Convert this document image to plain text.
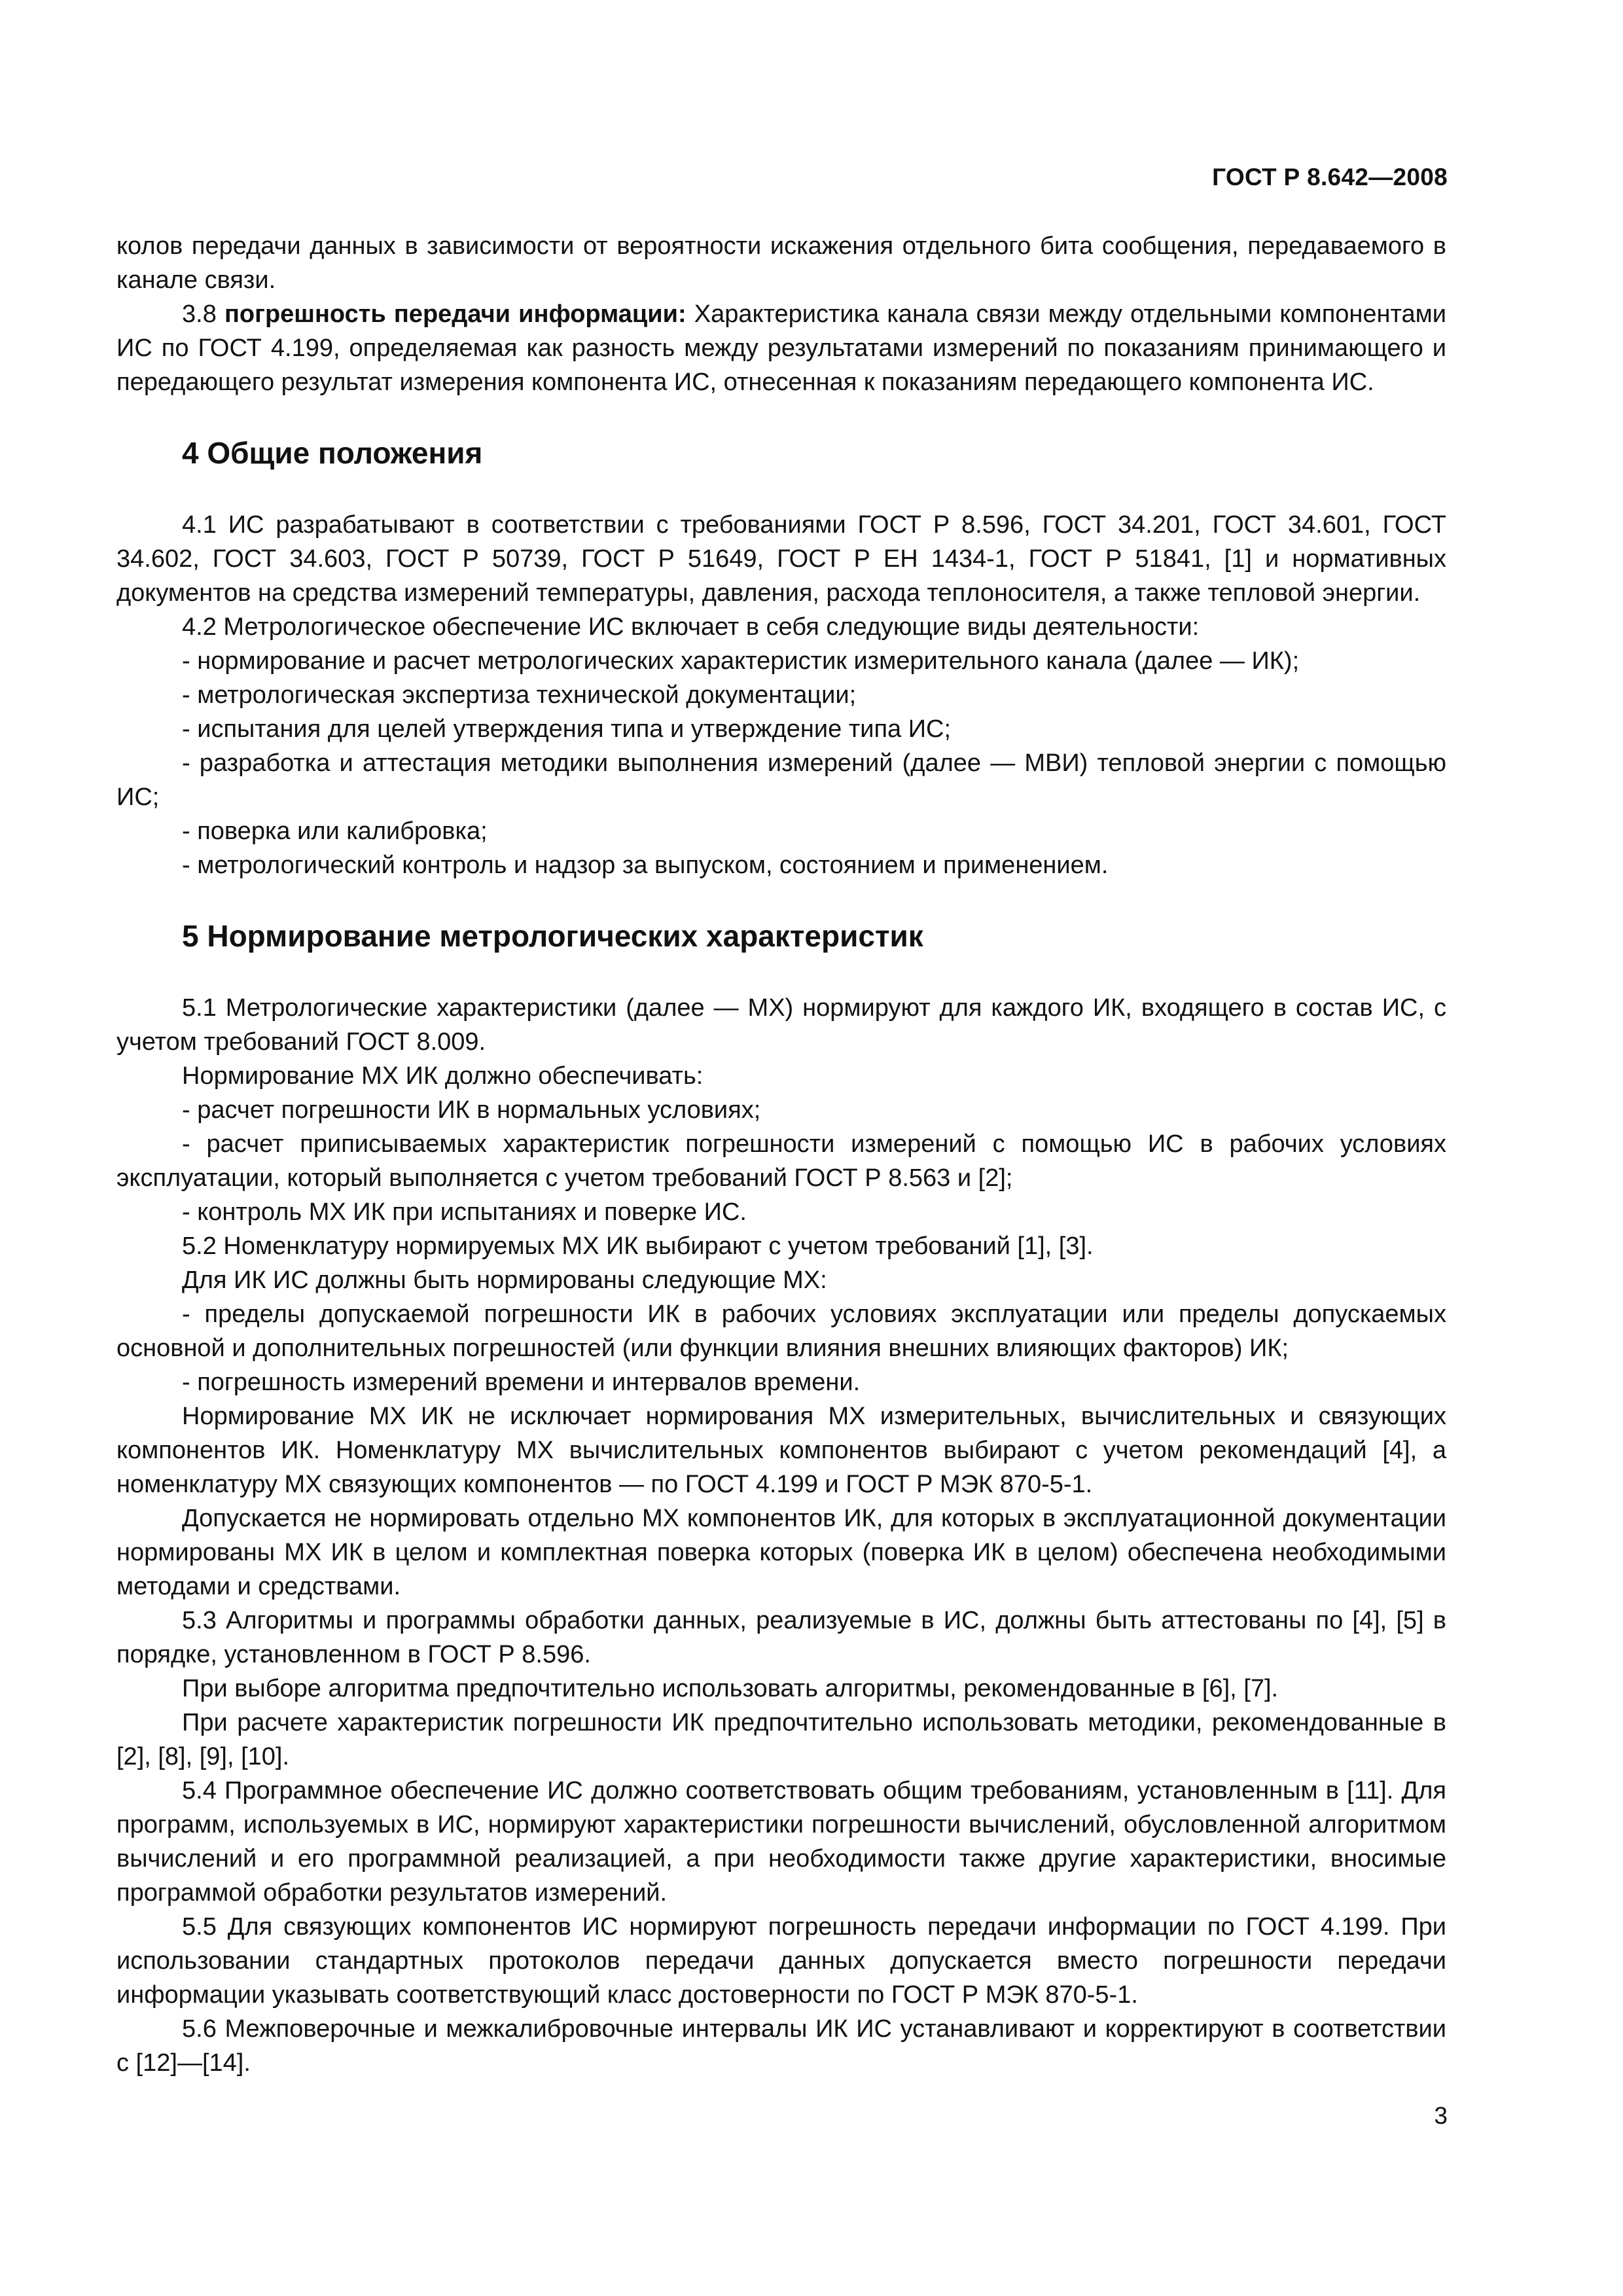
ГОСТ Р 8.642—2008

колов передачи данных в зависимости от вероятности искажения отдельного бита сообщения, передаваемого в канале связи.

3.8 погрешность передачи информации: Характеристика канала связи между отдельными компонентами ИС по ГОСТ 4.199, определяемая как разность между результатами измерений по показаниям принимающего и передающего результат измерения компонента ИС, отнесенная к показаниям передающего компонента ИС.

4 Общие положения

4.1 ИС разрабатывают в соответствии с требованиями ГОСТ Р 8.596, ГОСТ 34.201, ГОСТ 34.601, ГОСТ 34.602, ГОСТ 34.603, ГОСТ Р 50739, ГОСТ Р 51649, ГОСТ Р ЕН 1434-1, ГОСТ Р 51841, [1] и нормативных документов на средства измерений температуры, давления, расхода теплоносителя, а также тепловой энергии.

4.2 Метрологическое обеспечение ИС включает в себя следующие виды деятельности:

- нормирование и расчет метрологических характеристик измерительного канала (далее — ИК);

- метрологическая экспертиза технической документации;

- испытания для целей утверждения типа и утверждение типа ИС;

- разработка и аттестация методики выполнения измерений (далее — МВИ) тепловой энергии с помощью ИС;

- поверка или калибровка;

- метрологический контроль и надзор за выпуском, состоянием и применением.

5 Нормирование метрологических характеристик

5.1 Метрологические характеристики (далее — МХ) нормируют для каждого ИК, входящего в состав ИС, с учетом требований ГОСТ 8.009.

Нормирование МХ ИК должно обеспечивать:

- расчет погрешности ИК в нормальных условиях;

- расчет приписываемых характеристик погрешности измерений с помощью ИС в рабочих условиях эксплуатации, который выполняется с учетом требований ГОСТ Р 8.563 и [2];

- контроль МХ ИК при испытаниях и поверке ИС.

5.2 Номенклатуру нормируемых МХ ИК выбирают с учетом требований [1], [3].

Для ИК ИС должны быть нормированы следующие МХ:

- пределы допускаемой погрешности ИК в рабочих условиях эксплуатации или пределы допускаемых основной и дополнительных погрешностей (или функции влияния внешних влияющих факторов) ИК;

- погрешность измерений времени и интервалов времени.

Нормирование МХ ИК не исключает нормирования МХ измерительных, вычислительных и связующих компонентов ИК. Номенклатуру МХ вычислительных компонентов выбирают с учетом рекомендаций [4], а номенклатуру МХ связующих компонентов — по ГОСТ 4.199 и ГОСТ Р МЭК 870-5-1.

Допускается не нормировать отдельно МХ компонентов ИК, для которых в эксплуатационной документации нормированы МХ ИК в целом и комплектная поверка которых (поверка ИК в целом) обеспечена необходимыми методами и средствами.

5.3 Алгоритмы и программы обработки данных, реализуемые в ИС, должны быть аттестованы по [4], [5] в порядке, установленном в ГОСТ Р 8.596.

При выборе алгоритма предпочтительно использовать алгоритмы, рекомендованные в [6], [7].

При расчете характеристик погрешности ИК предпочтительно использовать методики, рекомендованные в [2], [8], [9], [10].

5.4 Программное обеспечение ИС должно соответствовать общим требованиям, установленным в [11]. Для программ, используемых в ИС, нормируют характеристики погрешности вычислений, обусловленной алгоритмом вычислений и его программной реализацией, а при необходимости также другие характеристики, вносимые программой обработки результатов измерений.

5.5 Для связующих компонентов ИС нормируют погрешность передачи информации по ГОСТ 4.199. При использовании стандартных протоколов передачи данных допускается вместо погрешности передачи информации указывать соответствующий класс достоверности по ГОСТ Р МЭК 870-5-1.

5.6 Межповерочные и межкалибровочные интервалы ИК ИС устанавливают и корректируют в соответствии с [12]—[14].

3
